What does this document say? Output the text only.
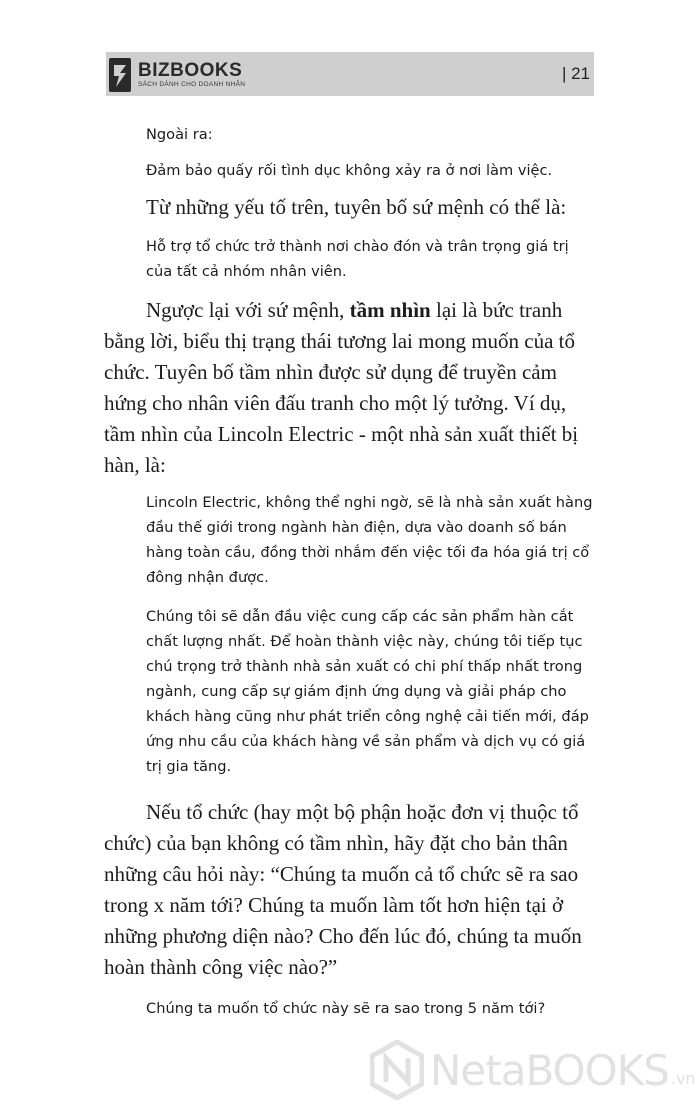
BIZBOOKS
SÁCH DÀNH CHO DOANH NHÂN
| 21

Ngoài ra:

Đảm bảo quấy rối tình dục không xảy ra ở nơi làm việc.

Từ những yếu tố trên, tuyên bố sứ mệnh có thể là:

Hỗ trợ tổ chức trở thành nơi chào đón và trân trọng giá trị của tất cả nhóm nhân viên.

Ngược lại với sứ mệnh, tầm nhìn lại là bức tranh bằng lời, biểu thị trạng thái tương lai mong muốn của tổ chức. Tuyên bố tầm nhìn được sử dụng để truyền cảm hứng cho nhân viên đấu tranh cho một lý tưởng. Ví dụ, tầm nhìn của Lincoln Electric - một nhà sản xuất thiết bị hàn, là:

Lincoln Electric, không thể nghi ngờ, sẽ là nhà sản xuất hàng đầu thế giới trong ngành hàn điện, dựa vào doanh số bán hàng toàn cầu, đồng thời nhắm đến việc tối đa hóa giá trị cổ đông nhận được.

Chúng tôi sẽ dẫn đầu việc cung cấp các sản phẩm hàn cắt chất lượng nhất. Để hoàn thành việc này, chúng tôi tiếp tục chú trọng trở thành nhà sản xuất có chi phí thấp nhất trong ngành, cung cấp sự giám định ứng dụng và giải pháp cho khách hàng cũng như phát triển công nghệ cải tiến mới, đáp ứng nhu cầu của khách hàng về sản phẩm và dịch vụ có giá trị gia tăng.

Nếu tổ chức (hay một bộ phận hoặc đơn vị thuộc tổ chức) của bạn không có tầm nhìn, hãy đặt cho bản thân những câu hỏi này: “Chúng ta muốn cả tổ chức sẽ ra sao trong x năm tới? Chúng ta muốn làm tốt hơn hiện tại ở những phương diện nào? Cho đến lúc đó, chúng ta muốn hoàn thành công việc nào?”

Chúng ta muốn tổ chức này sẽ ra sao trong 5 năm tới?

NetaBOOKS .vn
